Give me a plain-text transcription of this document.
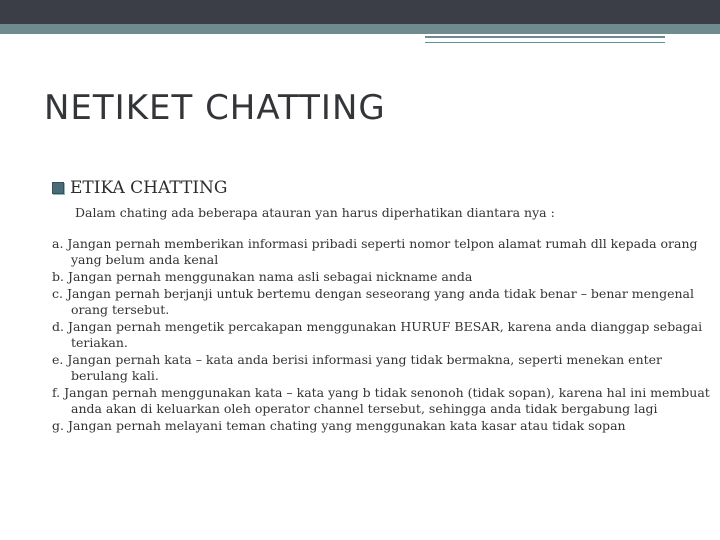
NETIKET CHATTING
ETIKA CHATTING
Dalam chating ada beberapa atauran yan harus diperhatikan diantara nya :
a. Jangan pernah memberikan informasi pribadi seperti nomor telpon alamat rumah dll kepada orang yang belum anda kenal
b. Jangan pernah menggunakan nama asli sebagai nickname anda
c. Jangan pernah berjanji untuk bertemu dengan seseorang yang anda tidak benar – benar mengenal orang tersebut.
d. Jangan pernah mengetik percakapan menggunakan HURUF BESAR, karena anda dianggap sebagai teriakan.
e. Jangan pernah kata – kata anda berisi informasi yang tidak bermakna, seperti menekan enter berulang kali.
f. Jangan pernah menggunakan kata – kata yang b tidak senonoh (tidak sopan), karena hal ini membuat anda akan di keluarkan oleh operator channel tersebut, sehingga anda tidak bergabung lagi
g. Jangan pernah melayani teman chating yang menggunakan kata kasar atau tidak sopan
